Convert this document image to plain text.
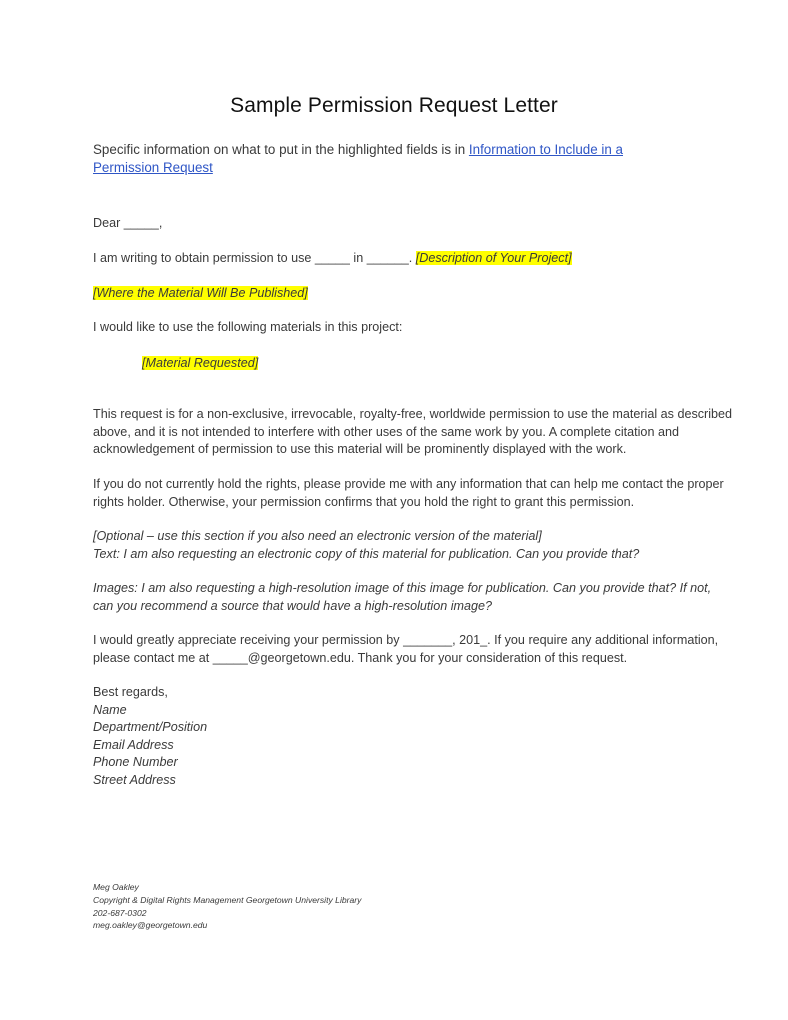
Sample Permission Request Letter
Specific information on what to put in the highlighted fields is in Information to Include in a
Permission Request
Dear _____,
I am writing to obtain permission to use _____ in ______. [Description of Your Project]
[Where the Material Will Be Published]
I would like to use the following materials in this project:
[Material Requested]
This request is for a non-exclusive, irrevocable, royalty-free, worldwide permission to use the material as described above, and it is not intended to interfere with other uses of the same work by you. A complete citation and acknowledgement of permission to use this material will be prominently displayed with the work.
If you do not currently hold the rights, please provide me with any information that can help me contact the proper rights holder. Otherwise, your permission confirms that you hold the right to grant this permission.
[Optional – use this section if you also need an electronic version of the material]
Text: I am also requesting an electronic copy of this material for publication. Can you provide that?
Images: I am also requesting a high-resolution image of this image for publication. Can you provide that? If not, can you recommend a source that would have a high-resolution image?
I would greatly appreciate receiving your permission by _______, 201_. If you require any additional information, please contact me at _____@georgetown.edu. Thank you for your consideration of this request.
Best regards,
Name
Department/Position
Email Address
Phone Number
Street Address
Meg Oakley
Copyright & Digital Rights Management Georgetown University Library
202-687-0302
meg.oakley@georgetown.edu
